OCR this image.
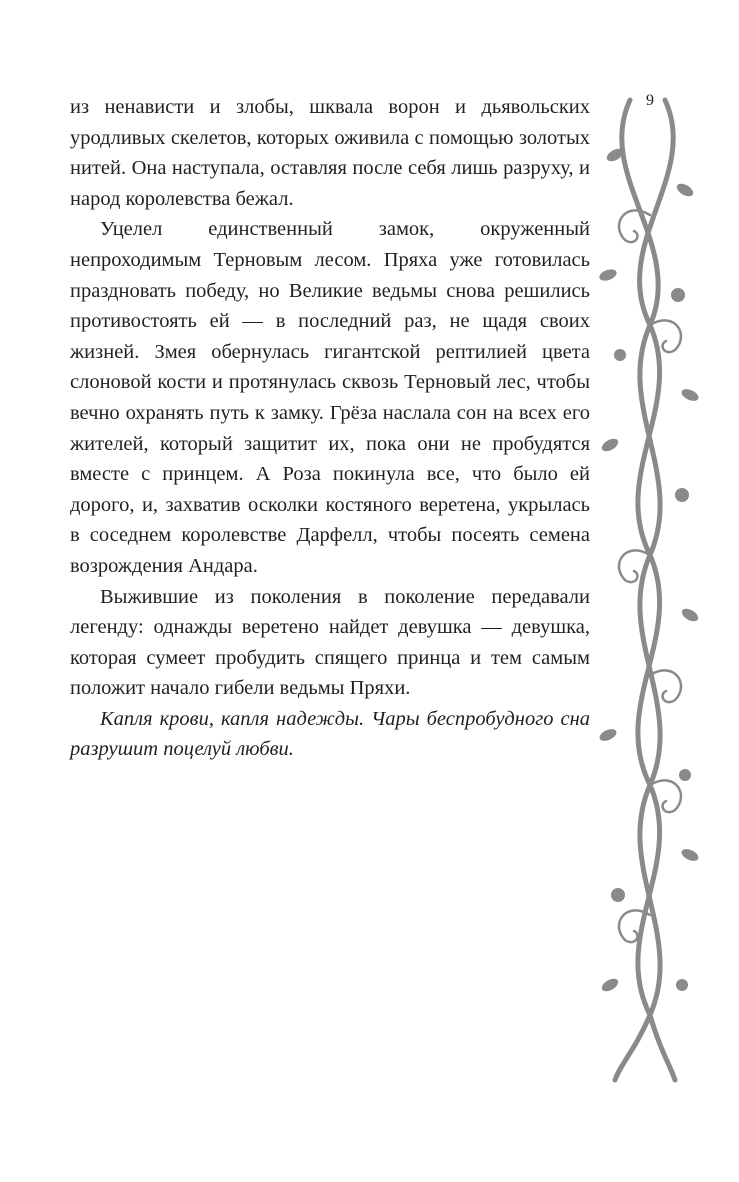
9

из ненависти и злобы, шквала ворон и дьявольских уродливых скелетов, которых оживила с помощью золотых нитей. Она наступала, оставляя после себя лишь разруху, и народ королевства бежал.

Уцелел единственный замок, окруженный непроходимым Терновым лесом. Пряха уже готовилась праздновать победу, но Великие ведьмы снова решились противостоять ей — в последний раз, не щадя своих жизней. Змея обернулась гигантской рептилией цвета слоновой кости и протянулась сквозь Терновый лес, чтобы вечно охранять путь к замку. Грёза наслала сон на всех его жителей, который защитит их, пока они не пробудятся вместе с принцем. А Роза покинула все, что было ей дорого, и, захватив осколки костяного веретена, укрылась в соседнем королевстве Дарфелл, чтобы посеять семена возрождения Андара.

Выжившие из поколения в поколение передавали легенду: однажды веретено найдет девушка — девушка, которая сумеет пробудить спящего принца и тем самым положит начало гибели ведьмы Пряхи.

Капля крови, капля надежды. Чары беспробудного сна разрушит поцелуй любви.
